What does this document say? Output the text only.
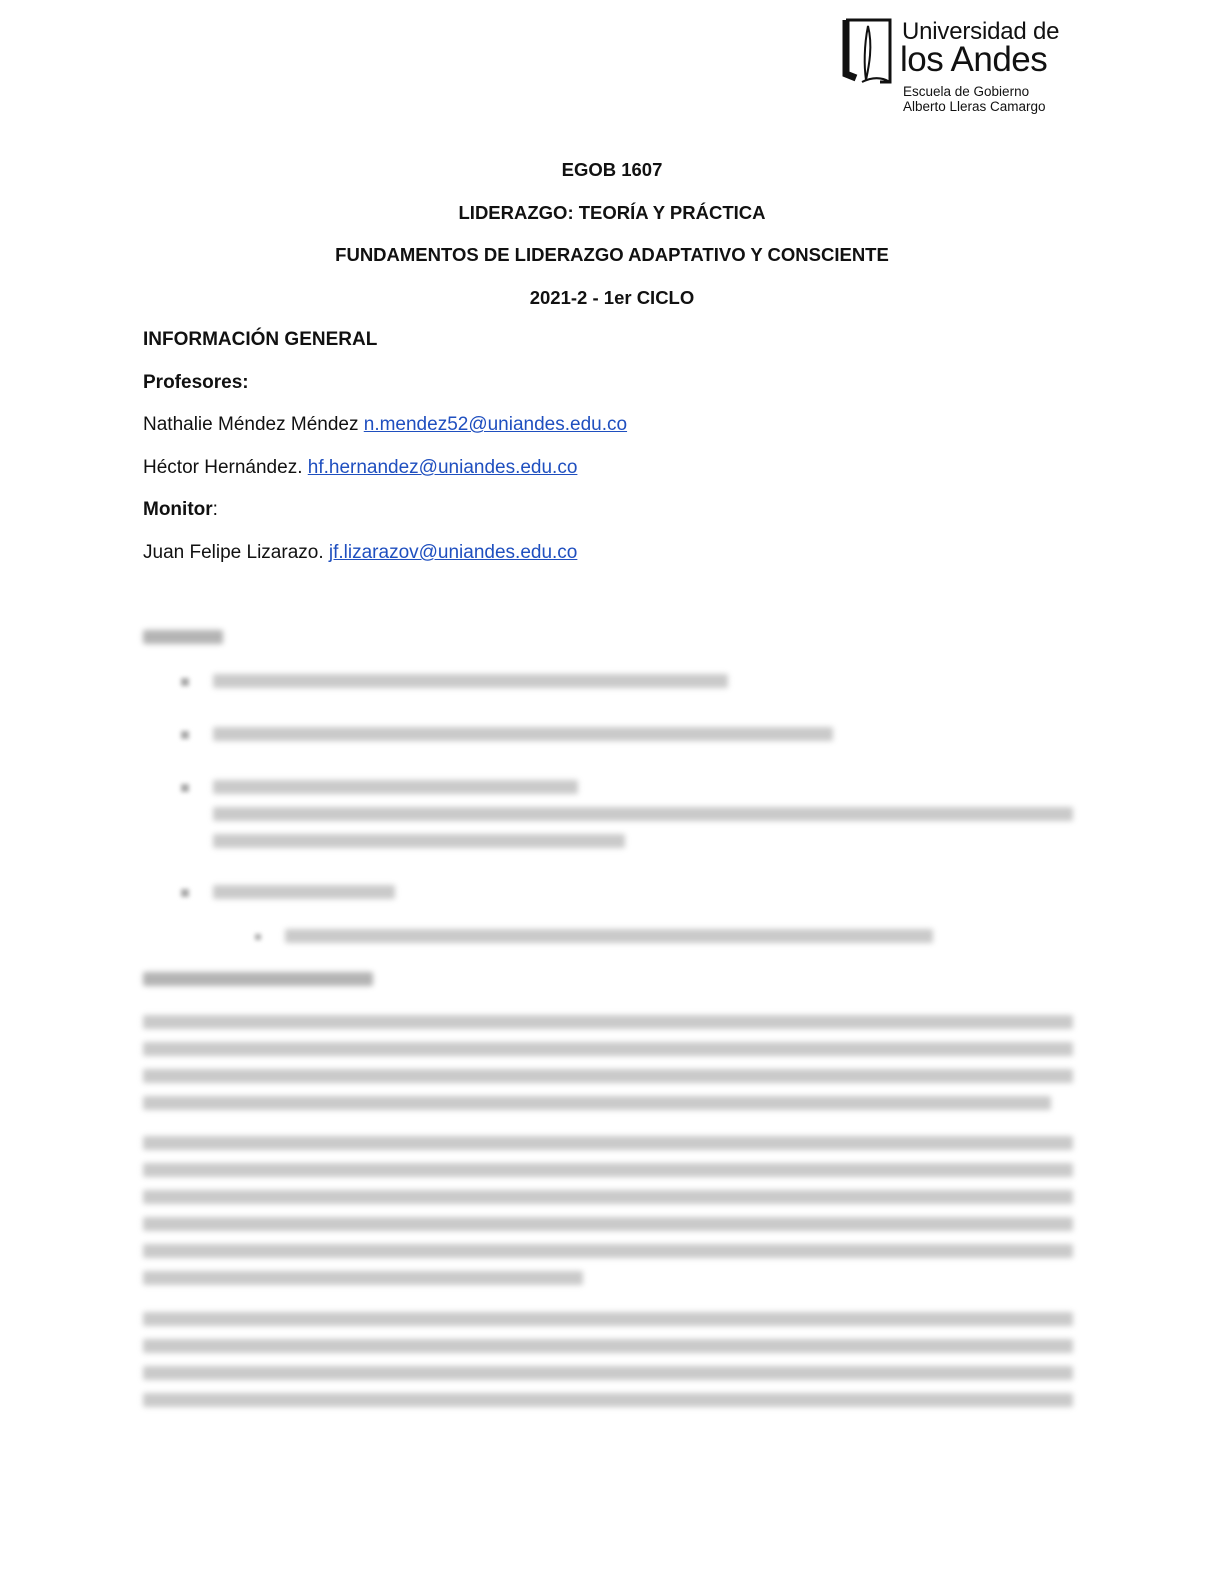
Universidad de
los Andes
Escuela de Gobierno
Alberto Lleras Camargo
EGOB 1607
LIDERAZGO: TEORÍA Y PRÁCTICA
FUNDAMENTOS DE LIDERAZGO ADAPTATIVO Y CONSCIENTE
2021-2 - 1er CICLO
INFORMACIÓN GENERAL
Profesores:
Nathalie Méndez Méndez n.mendez52@uniandes.edu.co
Héctor Hernández. hf.hernandez@uniandes.edu.co
Monitor:
Juan Felipe Lizarazo. jf.lizarazov@uniandes.edu.co
